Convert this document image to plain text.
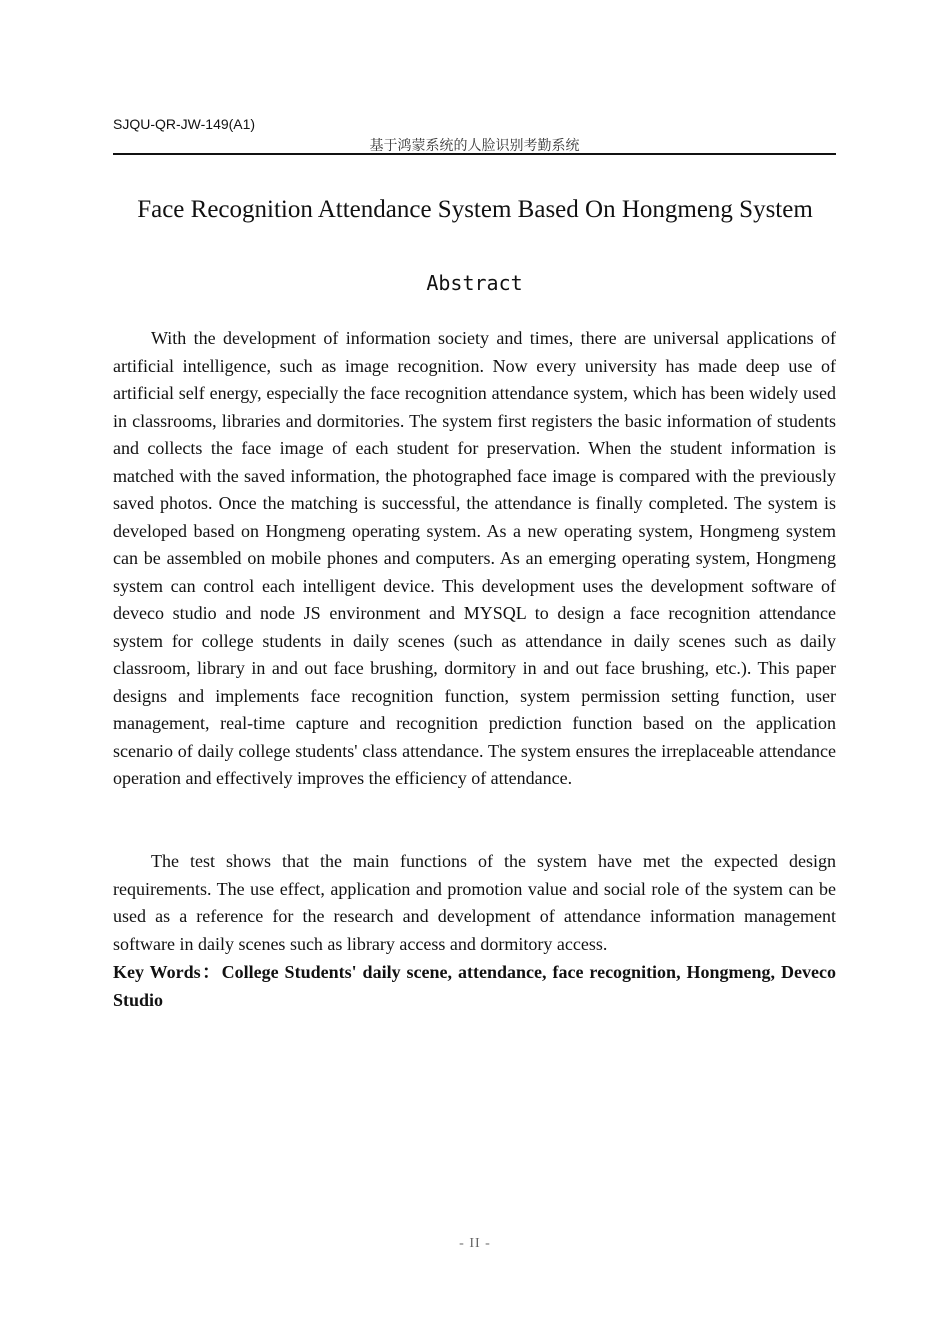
SJQU-QR-JW-149(A1)
基于鸿蒙系统的人脸识别考勤系统
Face Recognition Attendance System Based On Hongmeng System
Abstract

With the development of information society and times, there are universal applications of artificial intelligence, such as image recognition. Now every university has made deep use of artificial self energy, especially the face recognition attendance system, which has been widely used in classrooms, libraries and dormitories. The system first registers the basic information of students and collects the face image of each student for preservation. When the student information is matched with the saved information, the photographed face image is compared with the previously saved photos. Once the matching is successful, the attendance is finally completed. The system is developed based on Hongmeng operating system. As a new operating system, Hongmeng system can be assembled on mobile phones and computers. As an emerging operating system, Hongmeng system can control each intelligent device. This development uses the development software of deveco studio and node JS environment and MYSQL to design a face recognition attendance system for college students in daily scenes (such as attendance in daily scenes such as daily classroom, library in and out face brushing, dormitory in and out face brushing, etc.). This paper designs and implements face recognition function, system permission setting function, user management, real-time capture and recognition prediction function based on the application scenario of daily college students' class attendance. The system ensures the irreplaceable attendance operation and effectively improves the efficiency of attendance.

The test shows that the main functions of the system have met the expected design requirements. The use effect, application and promotion value and social role of the system can be used as a reference for the research and development of attendance information management software in daily scenes such as library access and dormitory access.

Key Words：College Students' daily scene, attendance, face recognition, Hongmeng, Deveco Studio
- II -
